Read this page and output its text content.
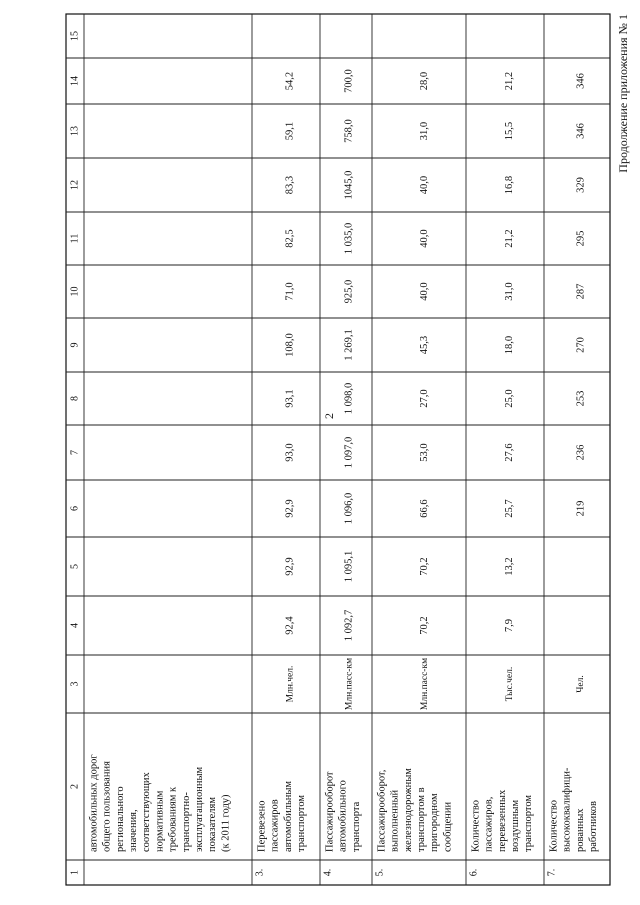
2
Продолжение приложения № 1
1
2
3
4
5
6
7
8
9
10
11
12
13
14
15
автомобильных дорог общего пользования регионального значения, соответствующих нормативным требованиям к транспортно- эксплуатационным показателям (к 2011 году)
3.
Перевезено пассажиров автомобильным транспортом
Млн.чел.
92,4
92,9
92,9
93,0
93,1
108,0
71,0
82,5
83,3
59,1
54,2
4.
Пассажирооборот автомобильного транспорта
Млн.пасс-км
1 092,7
1 095,1
1 096,0
1 097,0
1 098,0
1 269,1
925,0
1 035,0
1045,0
758,0
700,0
5.
Пассажирооборот, выполненный железнодорожным транспортом в пригородном сообщении
Млн.пасс-км
70,2
70,2
66,6
53,0
27,0
45,3
40,0
40,0
40,0
31,0
28,0
6.
Количество пассажиров, перевезенных воздушным транспортом
Тыс.чел.
7,9
13,2
25,7
27,6
25,0
18,0
31,0
21,2
16,8
15,5
21,2
7.
Количество высококвалифици- рованных работников
Чел.
219
236
253
270
287
295
329
346
346
